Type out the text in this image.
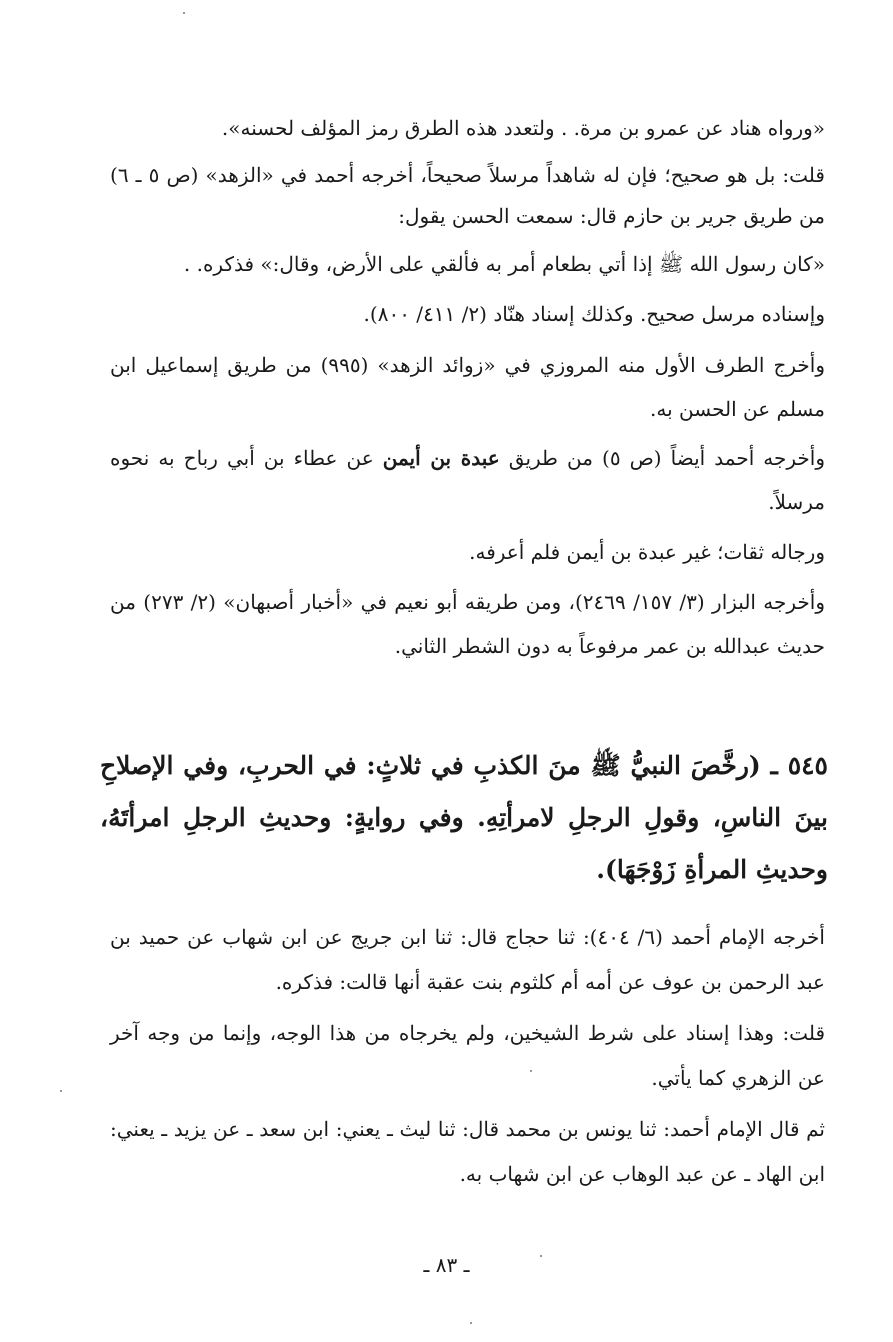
«ورواه هناد عن عمرو بن مرة. . ولتعدد هذه الطرق رمز المؤلف لحسنه».

قلت: بل هو صحيح؛ فإن له شاهداً مرسلاً صحيحاً، أخرجه أحمد في «الزهد» (ص ٥ ـ ٦) من طريق جرير بن حازم قال: سمعت الحسن يقول:

«كان رسول الله ﷺ إذا أتي بطعام أمر به فألقي على الأرض، وقال:» فذكره. .

وإسناده مرسل صحيح. وكذلك إسناد هنّاد (٢/ ٤١١/ ٨٠٠).

وأخرج الطرف الأول منه المروزي في «زوائد الزهد» (٩٩٥) من طريق إسماعيل ابن مسلم عن الحسن به.

وأخرجه أحمد أيضاً (ص ٥) من طريق عبدة بن أيمن عن عطاء بن أبي رباح به نحوه مرسلاً.

ورجاله ثقات؛ غير عبدة بن أيمن فلم أعرفه.

وأخرجه البزار (٣/ ١٥٧/ ٢٤٦٩)، ومن طريقه أبو نعيم في «أخبار أصبهان» (٢/ ٢٧٣) من حديث عبدالله بن عمر مرفوعاً به دون الشطر الثاني.

٥٤٥ ـ (رخَّصَ النبيُّ ﷺ منَ الكذبِ في ثلاثٍ: في الحربِ، وفي الإصلاحِ بينَ الناسِ، وقولِ الرجلِ لامرأتِهِ. وفي روايةٍ: وحديثِ الرجلِ امرأتَهُ، وحديثِ المرأةِ زَوْجَهَا).

أخرجه الإمام أحمد (٦/ ٤٠٤): ثنا حجاج قال: ثنا ابن جريج عن ابن شهاب عن حميد بن عبد الرحمن بن عوف عن أمه أم كلثوم بنت عقبة أنها قالت: فذكره.

قلت: وهذا إسناد على شرط الشيخين، ولم يخرجاه من هذا الوجه، وإنما من وجه آخر عن الزهري كما يأتي.

ثم قال الإمام أحمد: ثنا يونس بن محمد قال: ثنا ليث ـ يعني: ابن سعد ـ عن يزيد ـ يعني: ابن الهاد ـ عن عبد الوهاب عن ابن شهاب به.

ـ ٨٣ ـ
